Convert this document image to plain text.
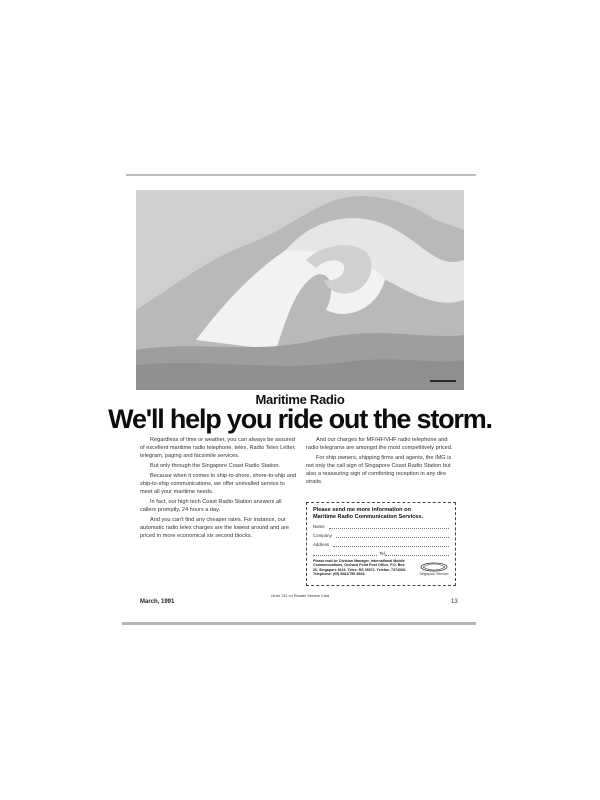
Maritime Radio
We'll help you ride out the storm.

Regardless of time or weather, you can always be assured of excellent maritime radio telephone, telex, Radio Telex Letter, telegram, paging and facsimile services.

But only through the Singapore Coast Radio Station.

Because when it comes to ship-to-shore, shore-to-ship and ship-to-ship communications, we offer unrivalled service to meet all your maritime needs.

In fact, our high tech Coast Radio Station answers all callers promptly, 24 hours a day.

And you can't find any cheaper rates. For instance, our automatic radio telex charges are the lowest around and are priced in more economical six second blocks.

And our charges for MF/HF/VHF radio telephone and radio telegrams are amongst the most competitively priced.

For ship owners, shipping firms and agents, the IMG is not only the call sign of Singapore Coast Radio Station but also a reassuring sign of comforting reception in any dire straits.

Please send me more information on
Maritime Radio Communication Services.
Name
Company
Address
Tel
Please mail to: Division Manager, International Mobile Communications, Orchard Point Post Office, P.O. Box 26, Singapore 9123. Telex: RS 39372. Telefax: 7374065. Telephone: (65) 5681/750-9663.	Singapore Telecom
March, 1991
Circle 211 on Reader Service Card
13
